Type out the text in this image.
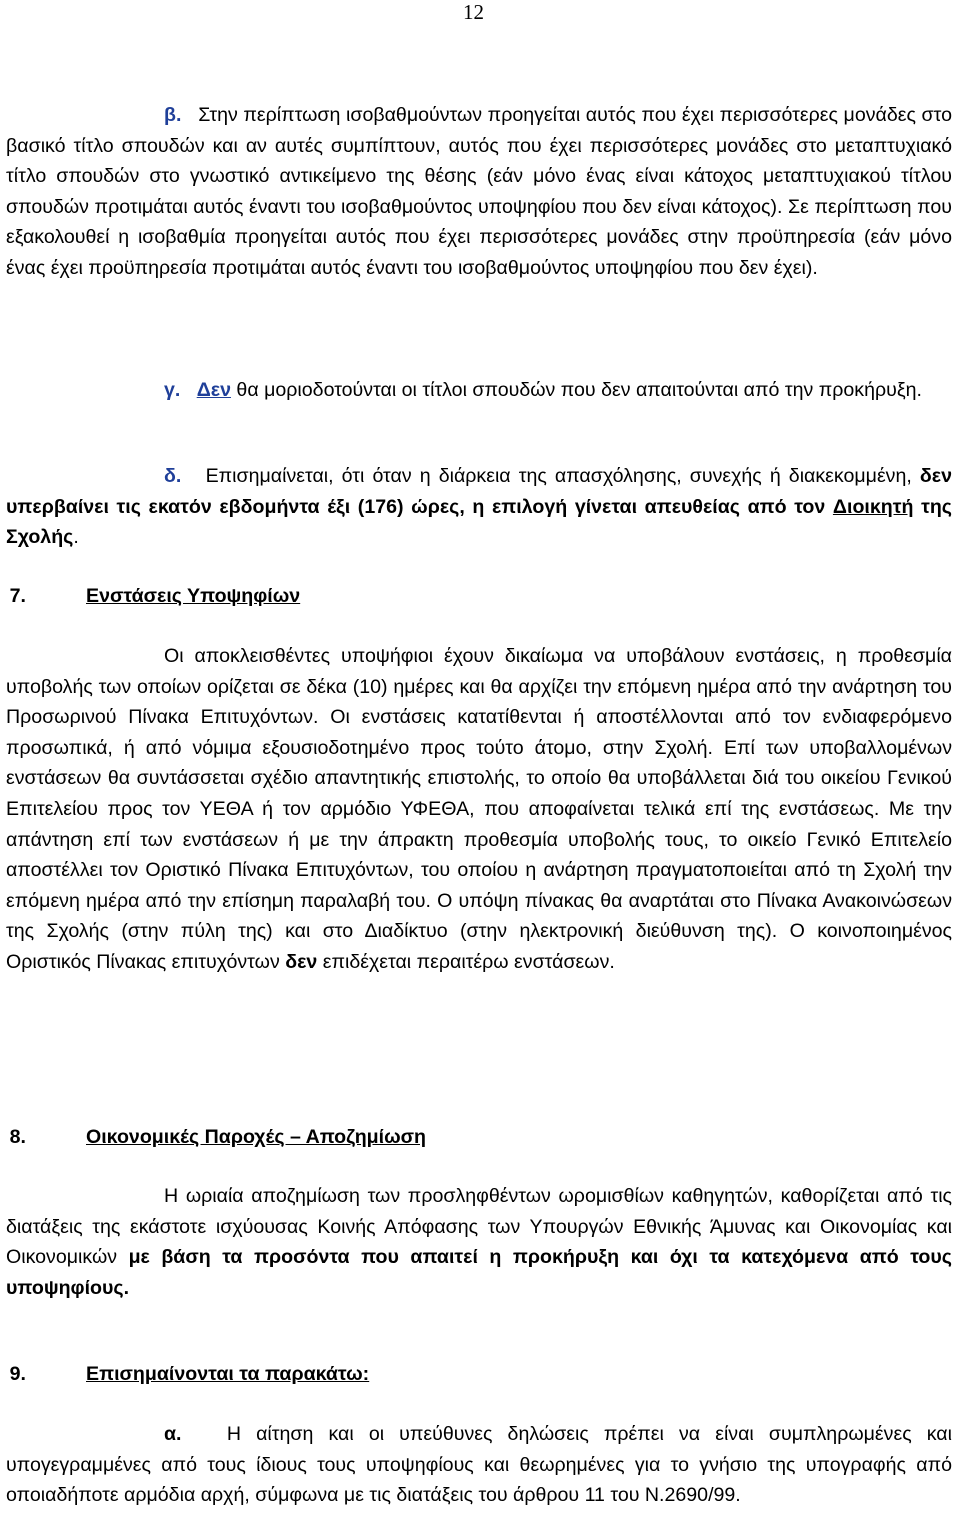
12

β. Στην περίπτωση ισοβαθμούντων προηγείται αυτός που έχει περισσότερες μονάδες στο βασικό τίτλο σπουδών και αν αυτές συμπίπτουν, αυτός που έχει περισσότερες μονάδες στο μεταπτυχιακό τίτλο σπουδών στο γνωστικό αντικείμενο της θέσης (εάν μόνο ένας είναι κάτοχος μεταπτυχιακού τίτλου σπουδών προτιμάται αυτός έναντι του ισοβαθμούντος υποψηφίου που δεν είναι κάτοχος). Σε περίπτωση που εξακολουθεί η ισοβαθμία προηγείται αυτός που έχει περισσότερες μονάδες στην προϋπηρεσία (εάν μόνο ένας έχει προϋπηρεσία προτιμάται αυτός έναντι του ισοβαθμούντος υποψηφίου που δεν έχει).

γ. Δεν θα μοριοδοτούνται οι τίτλοι σπουδών που δεν απαιτούνται από την προκήρυξη.

δ. Επισημαίνεται, ότι όταν η διάρκεια της απασχόλησης, συνεχής ή διακεκομμένη, δεν υπερβαίνει τις εκατόν εβδομήντα έξι (176) ώρες, η επιλογή γίνεται απευθείας από τον Διοικητή της Σχολής.

7.	Ενστάσεις Υποψηφίων

Οι αποκλεισθέντες υποψήφιοι έχουν δικαίωμα να υποβάλουν ενστάσεις, η προθεσμία υποβολής των οποίων ορίζεται σε δέκα (10) ημέρες και θα αρχίζει την επόμενη ημέρα από την ανάρτηση του Προσωρινού Πίνακα Επιτυχόντων. Οι ενστάσεις κατατίθενται ή αποστέλλονται από τον ενδιαφερόμενο προσωπικά, ή από νόμιμα εξουσιοδοτημένο προς τούτο άτομο, στην Σχολή. Επί των υποβαλλομένων ενστάσεων θα συντάσσεται σχέδιο απαντητικής επιστολής, το οποίο θα υποβάλλεται διά του οικείου Γενικού Επιτελείου προς τον ΥΕΘΑ ή τον αρμόδιο ΥΦΕΘΑ, που αποφαίνεται τελικά επί της ενστάσεως. Με την απάντηση επί των ενστάσεων ή με την άπρακτη προθεσμία υποβολής τους, το οικείο Γενικό Επιτελείο αποστέλλει τον Οριστικό Πίνακα Επιτυχόντων, του οποίου η ανάρτηση πραγματοποιείται από τη Σχολή την επόμενη ημέρα από την επίσημη παραλαβή του. Ο υπόψη πίνακας θα αναρτάται στο Πίνακα Ανακοινώσεων της Σχολής (στην πύλη της) και στο Διαδίκτυο (στην ηλεκτρονική διεύθυνση της). Ο κοινοποιημένος Οριστικός Πίνακας επιτυχόντων δεν επιδέχεται περαιτέρω ενστάσεων.

8.	Οικονομικές Παροχές – Αποζημίωση

Η ωριαία αποζημίωση των προσληφθέντων ωρομισθίων καθηγητών, καθορίζεται από τις διατάξεις της εκάστοτε ισχύουσας Κοινής Απόφασης των Υπουργών Εθνικής Άμυνας και Οικονομίας και Οικονομικών με βάση τα προσόντα που απαιτεί η προκήρυξη και όχι τα κατεχόμενα από τους υποψηφίους.

9.	Επισημαίνονται τα παρακάτω:

α. Η αίτηση και οι υπεύθυνες δηλώσεις πρέπει να είναι συμπληρωμένες και υπογεγραμμένες από τους ίδιους τους υποψηφίους και θεωρημένες για το γνήσιο της υπογραφής από οποιαδήποτε αρμόδια αρχή, σύμφωνα με τις διατάξεις του άρθρου 11 του Ν.2690/99.
